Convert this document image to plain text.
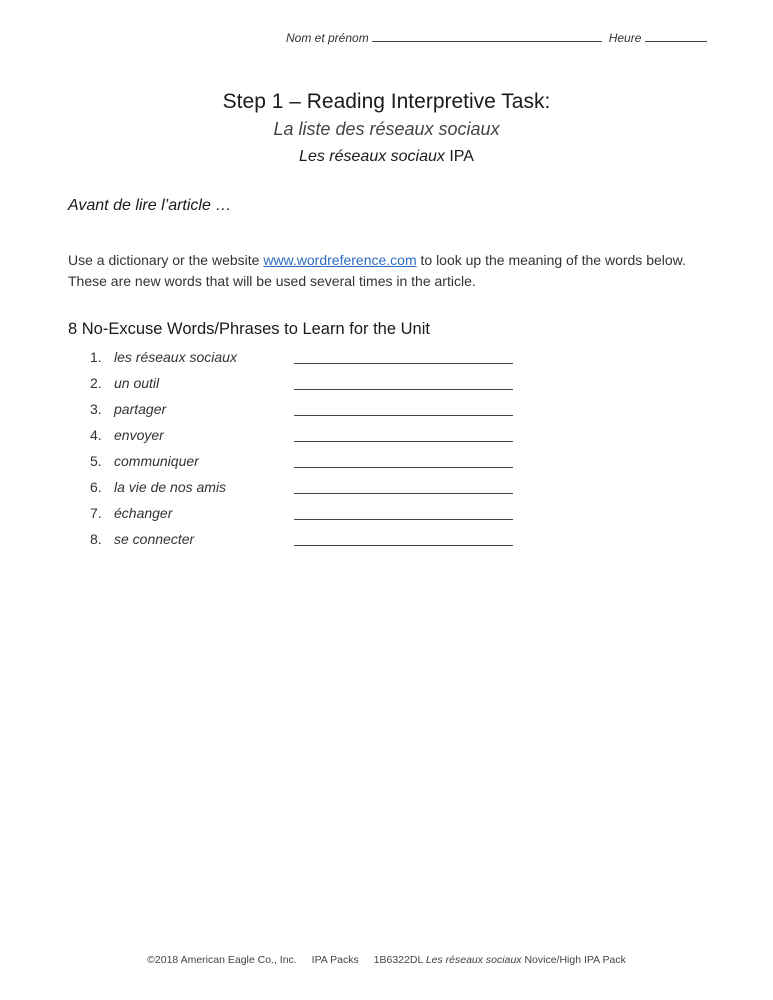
Nom et prénom	Heure
Step 1 – Reading Interpretive Task:
La liste des réseaux sociaux
Les réseaux sociaux IPA
Avant de lire l’article …
Use a dictionary or the website www.wordreference.com to look up the meaning of the words below. These are new words that will be used several times in the article.
8 No-Excuse Words/Phrases to Learn for the Unit
1. les réseaux sociaux
2. un outil
3. partager
4. envoyer
5. communiquer
6. la vie de nos amis
7. échanger
8. se connecter
©2018 American Eagle Co., Inc. IPA Packs 1B6322DL Les réseaux sociaux Novice/High IPA Pack
